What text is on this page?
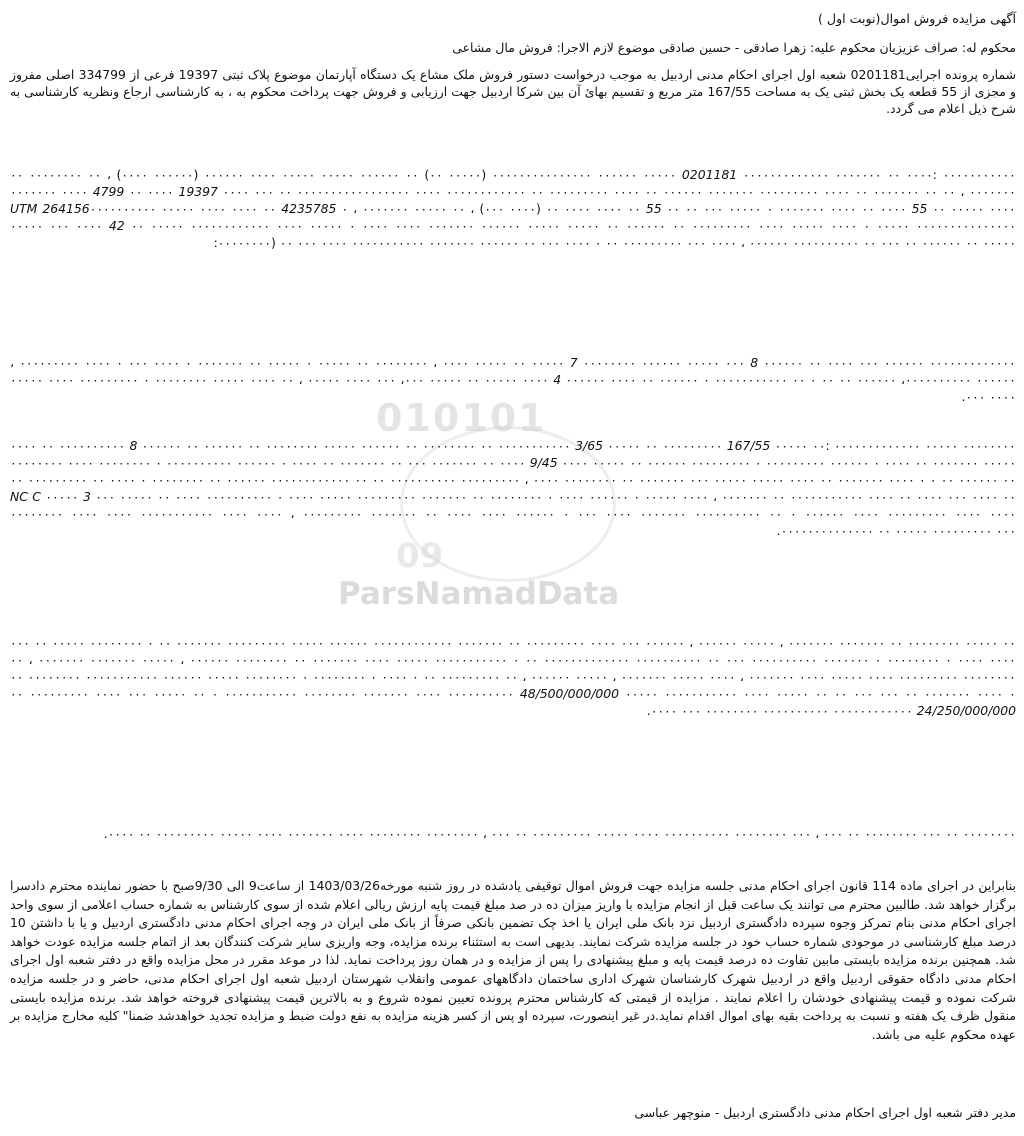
010101
09
ParsNamadData
آگهی مزایده فروش اموال(نوبت اول )
محکوم له: صراف عزیزیان محکوم علیه: زهرا صادقی - حسین صادقی موضوع لازم الاجرا: فروش مال مشاعی
شماره پرونده اجرایی0201181 شعبه اول اجرای احکام مدنی اردبیل به موجب درخواست دستور فروش ملک مشاع یک دستگاه آپارتمان موضوع پلاک ثبتی 19397 فرعی از 334799 اصلی مفروز و مجزی از 55 قطعه یک بخش ثبتی یک به مساحت 167/55 متر مربع و تقسیم بهائ آن بین شرکا اردبیل جهت ارزیابی و فروش جهت پرداخت محکوم به ، به کارشناسی ارجاع ونظریه کارشناسی به شرح ذیل اعلام می گردد.
۰۰۰۰۰۰۰۰۰۰۰ :۰۰۰۰ ۰۰ ۰۰۰۰۰۰۰ ۰۰۰۰۰۰۰۰۰۰۰۰۰ 0201181 ۰۰۰۰۰ ۰۰۰۰۰۰ ۰۰۰۰۰۰۰۰۰۰۰۰۰۰۰ (۰۰۰۰۰ ۰۰) ۰۰ ۰۰۰۰۰۰ ۰۰۰۰۰ ۰۰۰۰۰ ۰۰۰۰ ۰۰۰۰۰۰ (۰۰۰۰۰۰ ۰۰۰۰) ، ۰۰ ۰۰۰۰۰۰۰۰ ۰۰ ۰۰۰۰۰۰۰ ، ۰۰ ۰۰ ۰۰۰۰۰۰۰ ۰۰ ۰۰۰۰ ۰۰۰۰۰۰۰۰۰ ۰۰۰۰۰۰۰ ۰۰۰۰۰۰ ۰۰ ۰۰۰۰ ۰۰۰۰۰۰۰۰۰ ۰۰ ۰۰۰۰۰۰۰۰۰۰۰۰ ۰۰۰۰ ۰۰۰۰۰۰۰۰۰۰۰۰۰۰۰۰۰ ۰۰ ۰۰۰ ۰۰۰۰ 19397 ۰۰۰۰ ۰۰ 4799 ۰۰۰۰ ۰۰۰۰۰۰۰ ۰۰۰۰ ۰۰۰۰۰ ۰۰ 55 ۰۰۰۰ ۰۰ ۰۰۰۰ ۰۰۰۰۰۰۰ ۰ ۰۰۰۰۰ ۰۰۰ ۰۰ ۰۰ 55 ۰۰ ۰۰۰۰ ۰۰۰۰ ۰۰ (۰۰۰۰ ۰۰۰) ، ۰۰ ۰۰۰۰۰ ۰۰۰۰۰۰۰ ، ۰ 4235785 ۰۰ ۰۰۰۰ UTM 264156۰۰۰۰۰۰۰۰۰۰ ۰۰۰۰۰ ۰۰۰۰ ۰۰۰۰۰ ۰۰۰ ۰۰۰۰ 42 ۰۰ ۰۰۰۰۰ ۰۰۰۰۰۰۰۰۰۰۰۰ ۰۰۰۰ ۰۰۰۰۰ ۰ ۰۰۰۰ ۰۰۰۰ ۰۰۰۰۰۰۰ ۰۰۰۰۰۰ ۰۰۰۰۰ ۰۰۰۰۰ ۰۰ ۰۰۰۰۰۰ ۰۰ ۰۰۰۰۰۰۰۰۰ ۰۰۰۰ ۰۰۰۰۰ ۰۰۰۰ ۰ ۰۰۰۰۰ ۰۰۰۰۰۰۰۰۰۰۰۰۰۰۰ ۰۰۰۰۰۰۰۰) ۰۰ ۰۰۰ ۰۰۰۰ ۰۰۰۰۰۰۰۰۰۰۰ ۰۰۰۰۰۰۰ ۰۰۰۰۰۰ ۰۰ ۰۰۰ ۰۰۰۰ ۰ ۰۰ ۰۰۰۰۰۰۰۰۰ ۰۰۰ ۰۰۰۰ ، ۰۰۰۰۰۰ ۰۰۰۰۰۰۰۰۰۰ ۰۰ ۰۰۰ ۰۰ ۰۰۰۰۰۰ ۰۰ ۰۰۰۰۰:
۰۰۰۰۰۰۰۰۰۰۰۰۰ ۰۰۰۰۰۰ ۰۰۰ ۰۰۰۰ ۰۰ ۰۰۰۰۰۰ 8 ۰۰۰ ۰۰۰۰۰ ۰۰۰۰۰۰ ۰۰۰۰۰۰۰۰ 7 ۰۰۰۰۰ ۰۰ ۰۰۰۰۰ ۰۰۰۰ ، ۰۰۰۰۰۰۰۰ ۰۰ ۰۰۰۰۰ ۰ ۰۰۰۰۰ ۰۰ ۰۰۰۰۰۰۰ ۰ ۰۰۰۰ ۰۰۰ ۰ ۰۰۰۰ ۰۰۰۰۰۰۰۰۰ ، ۰۰۰۰۰۰ ۰۰۰۰۰۰۰۰۰۰، ۰۰۰۰۰۰ ۰۰ ۰۰ ۰ ۰۰ ۰۰۰۰۰۰۰۰۰۰۰ ۰ ۰۰۰۰۰۰ ۰۰ ۰۰۰۰ ۰۰۰۰۰۰ 4 ۰۰۰۰ ۰۰۰۰۰ ۰۰ ۰۰۰۰۰ ۰۰۰، ۰۰۰ ۰۰۰۰ ۰۰۰۰۰ ، ۰۰ ۰۰۰۰ ۰۰۰۰۰ ۰۰۰۰۰۰۰۰ ۰ ۰۰۰۰۰۰۰۰۰ ۰۰۰۰ ۰۰۰۰۰ ۰۰۰۰ ۰۰۰.
۰۰۰۰۰۰۰۰ ۰۰۰۰۰ ۰۰۰۰۰۰۰۰۰۰۰۰۰ :۰۰ ۰۰۰۰۰ 167/55 ۰۰۰۰۰۰۰۰۰ ۰۰ ۰۰۰۰۰ 3/65 ۰۰۰۰۰۰۰۰۰۰۰ ۰۰ ۰۰۰۰۰۰۰۰ ۰۰ ۰۰۰۰۰۰ ۰۰۰۰۰ ۰۰۰۰۰۰۰۰ ۰۰ ۰۰۰۰۰۰ ۰۰ ۰۰۰۰۰۰ 8 ۰۰۰۰۰۰۰۰۰۰ ۰۰ ۰۰۰۰ ۰۰۰۰۰ ۰۰۰۰۰۰۰ ۰۰ ۰۰۰۰ ۰ ۰۰۰۰۰۰ ۰۰۰۰۰۰۰۰۰ ۰ ۰۰۰۰۰۰۰۰۰ ۰۰۰۰۰۰ ۰۰ ۰۰۰۰۰ ۰۰۰۰ 9/45 ۰۰۰۰ ۰۰ ۰۰۰۰۰۰۰ ۰۰۰ ۰۰ ۰۰۰۰۰۰۰ ۰۰ ۰۰۰۰ ۰ ۰۰۰۰۰۰ ۰۰۰۰۰۰۰۰۰۰ ۰ ۰۰۰۰۰۰۰۰ ۰۰۰۰ ۰۰۰۰۰۰۰۰ ۰۰ ۰۰۰۰۰۰ ۰۰ ۰ ۰ ۰۰۰۰ ۰۰۰۰۰۰۰ ۰۰ ۰۰۰۰ ۰۰۰۰۰ ۰۰۰۰۰ ۰۰۰ ۰۰۰۰۰۰۰ ۰۰ ۰۰۰۰۰۰۰۰ ۰۰۰۰ ، ۰۰۰۰۰۰۰۰۰ ۰۰۰۰۰۰۰۰۰۰ ۰۰ ۰۰ ۰۰۰۰۰۰۰۰۰۰۰۰ ۰۰۰۰۰۰ ۰۰ ۰۰۰۰۰۰۰۰ ۰ ۰۰۰۰ ۰۰ ۰۰۰۰۰۰۰۰۰ ۰۰ ۰۰ ۰۰۰۰ ۰۰۰ ۰۰۰۰ ۰۰ ۰۰۰۰ ۰۰۰۰۰۰۰۰۰۰۰ ۰۰ ۰۰۰۰۰۰۰ ، ۰۰۰۰ ۰۰۰۰۰ ۰ ۰۰۰۰۰۰ ۰۰۰۰ ۰ ۰۰۰۰۰۰۰۰ ۰۰ ۰۰۰۰۰۰۰ ۰۰۰۰۰۰۰۰۰ NC C ۰۰۰۰۰ 3 ۰۰۰ ۰۰۰۰۰ ۰۰ ۰۰۰۰ ۰۰۰۰۰۰۰۰۰۰ ۰ ۰۰۰۰ ۰۰۰۰۰ ۰۰۰۰۰۰۰۰ ۰۰۰۰ ۰۰۰۰ ۰۰۰۰۰۰۰۰۰۰۰ ۰۰۰۰ ۰۰۰۰ ، ۰۰۰۰۰۰۰۰۰ ۰۰۰۰۰۰۰ ۰۰ ۰۰۰۰ ۰۰۰۰ ۰۰۰۰۰۰ ۰ ۰۰۰ ۰۰۰۰ ۰۰۰۰۰۰۰ ۰۰۰۰۰۰۰۰۰۰ ۰۰ ۰ ۰۰۰۰۰۰ ۰۰۰۰ ۰۰۰۰۰۰۰۰۰ ۰۰۰۰ ۰۰۰۰ ۰۰۰۰۰۰۰۰۰۰۰۰۰۰ ۰۰ ۰۰۰۰۰ ۰۰۰۰۰۰۰۰۰ ۰۰۰.
۰۰ ۰۰۰۰۰ ۰۰۰۰۰۰۰۰ ۰۰ ۰۰۰۰۰۰۰ ۰۰۰۰۰۰۰ ، ۰۰۰۰۰ ۰۰۰۰۰۰ ، ۰۰۰۰۰۰ ۰۰۰ ۰۰۰۰ ۰۰۰۰۰۰۰۰۰ ۰۰ ۰۰۰۰۰۰۰ ۰۰۰۰۰۰۰۰۰۰۰۰ ۰۰۰۰۰۰ ۰۰۰۰۰ ۰۰۰۰۰۰۰۰۰ ۰۰۰۰۰۰۰ ۰۰ ۰ ۰۰۰۰۰۰۰۰ ۰۰۰۰۰ ۰۰ ۰۰۰ ۰۰۰۰ ۰۰۰۰ ۰ ۰۰۰۰۰۰۰۰ ۰ ۰۰۰۰۰۰۰ ۰۰۰۰۰۰۰۰۰۰ ۰۰۰ ۰۰ ۰۰۰۰۰۰۰۰۰۰ ۰۰۰۰۰۰۰۰۰۰۰۰۰ ۰۰ ۰ ۰۰۰۰۰۰۰۰۰۰۰ ۰۰۰۰۰ ۰۰۰۰ ۰۰۰۰۰۰۰ ۰۰ ۰۰۰۰۰۰۰۰ ۰۰۰۰۰۰ ، ۰۰۰۰۰ ۰۰۰۰۰۰۰ ۰۰۰۰۰۰۰ ، ۰۰ ۰۰۰۰۰۰۰۰ ۰۰۰۰۰۰۰۰۰ ۰۰۰۰ ۰۰۰۰۰ ۰۰۰۰ ۰۰۰۰۰۰۰ ، ۰۰۰۰ ۰۰۰۰۰ ۰۰۰۰۰۰۰ ، ۰۰۰۰۰ ۰۰۰۰۰۰ ، ۰۰ ۰۰۰۰۰۰۰۰۰ ۰۰ ۰ ۰۰۰۰ ۰ ۰۰۰۰۰۰۰۰ ۰ ۰۰۰۰۰۰۰۰ ۰۰۰۰۰ ۰۰۰۰۰۰ ۰۰۰۰۰۰۰۰۰۰۰ ۰۰۰۰۰۰۰۰ ۰۰ ۰ ۰۰۰۰ ۰۰۰۰۰۰۰ ۰۰ ۰۰۰ ۰۰۰ ۰۰ ۰۰ ۰۰۰۰۰ ۰۰۰۰ ۰۰۰۰۰۰۰۰۰۰۰ ۰۰۰۰۰ 48/500/000/000 ۰۰۰۰۰۰۰۰۰۰ ۰۰۰۰ ۰۰۰۰۰۰۰ ۰۰۰۰۰۰۰۰ ۰۰۰۰۰۰۰۰۰۰۰ ۰ ۰۰ ۰۰۰۰۰ ۰۰۰ ۰۰۰۰ ۰۰۰۰۰۰۰۰۰ ۰۰ 24/250/000/000 ۰۰۰۰۰۰۰۰۰۰۰۰ ۰۰۰۰۰۰۰۰۰۰ ۰۰۰۰۰۰۰۰ ۰۰۰ ۰۰۰۰.
۰۰۰۰۰۰۰۰ ۰۰ ۰۰۰ ۰۰۰۰۰۰۰۰ ۰۰ ۰۰۰ ، ۰۰۰ ۰۰۰۰۰۰۰۰ ۰۰۰۰۰۰۰۰۰۰ ۰۰۰۰ ۰۰۰۰۰ ۰۰۰۰۰۰۰۰۰ ۰۰ ۰۰۰ ، ۰۰۰۰۰۰۰۰ ۰۰۰۰۰۰۰۰ ۰۰۰۰ ۰۰۰۰۰۰۰ ۰۰۰۰ ۰۰۰۰۰ ۰۰۰۰۰۰۰۰۰ ۰۰ ۰۰۰۰.
بنابراین در اجرای ماده 114 قانون اجرای احکام مدنی جلسه مزایده جهت فروش اموال توقیفی یادشده در روز شنبه مورخه1403/03/26 از ساعت9 الی 9/30صبح با حضور نماینده محترم دادسرا برگزار خواهد شد. طالبین محترم می توانند یک ساعت قبل از انجام مزایده با واریز میزان ده در صد مبلغ قیمت پایه ارزش ریالی اعلام شده از سوی کارشناس به شماره حساب اعلامی از سوی واحد اجرای احکام مدنی بنام تمرکز وجوه سپرده دادگستری اردبیل نزد بانک ملی ایران یا اخذ چک تضمین بانکی صرفاً از بانک ملی ایران در وجه اجرای احکام مدنی دادگستری اردبیل و یا با داشتن 10 درصد مبلغ کارشناسی در موجودی شماره حساب خود در جلسه مزایده شرکت نمایند. بدیهی است به استثناء برنده مزایده، وجه واریزی سایر شرکت کنندگان بعد از اتمام جلسه مزایده عودت خواهد شد. همچنین برنده مزایده بایستی مابین تفاوت ده درصد قیمت پایه و مبلغ پیشنهادی را پس از مزایده و در همان روز پرداخت نماید. لذا در موعد مقرر در محل مزایده واقع در دفتر شعبه اول اجرای احکام مدنی دادگاه حقوقی اردبیل واقع در اردبیل شهرک کارشناسان شهرک اداری ساختمان دادگاههای عمومی وانقلاب شهرستان اردبیل شعبه اول اجرای احکام مدنی، حاضر و در جلسه مزایده شرکت نموده و قیمت پیشنهادی خودشان را اعلام نمایند . مزایده از قیمتی که کارشناس محترم پرونده تعیین نموده شروع و به بالاترین قیمت پیشنهادی فروخته خواهد شد. برنده مزایده بایستی منقول ظرف یک هفته و نسبت به پرداخت بقیه بهای اموال اقدام نماید.در غیر اینصورت، سپرده او پس از کسر هزینه مزایده به نفع دولت ضبط و مزایده تجدید خواهدشد ضمنا" کلیه مخارج مزایده بر عهده محکوم علیه می باشد.
مدیر دفتر شعبه اول اجرای احکام مدنی دادگستری اردبیل - منوچهر عباسی
